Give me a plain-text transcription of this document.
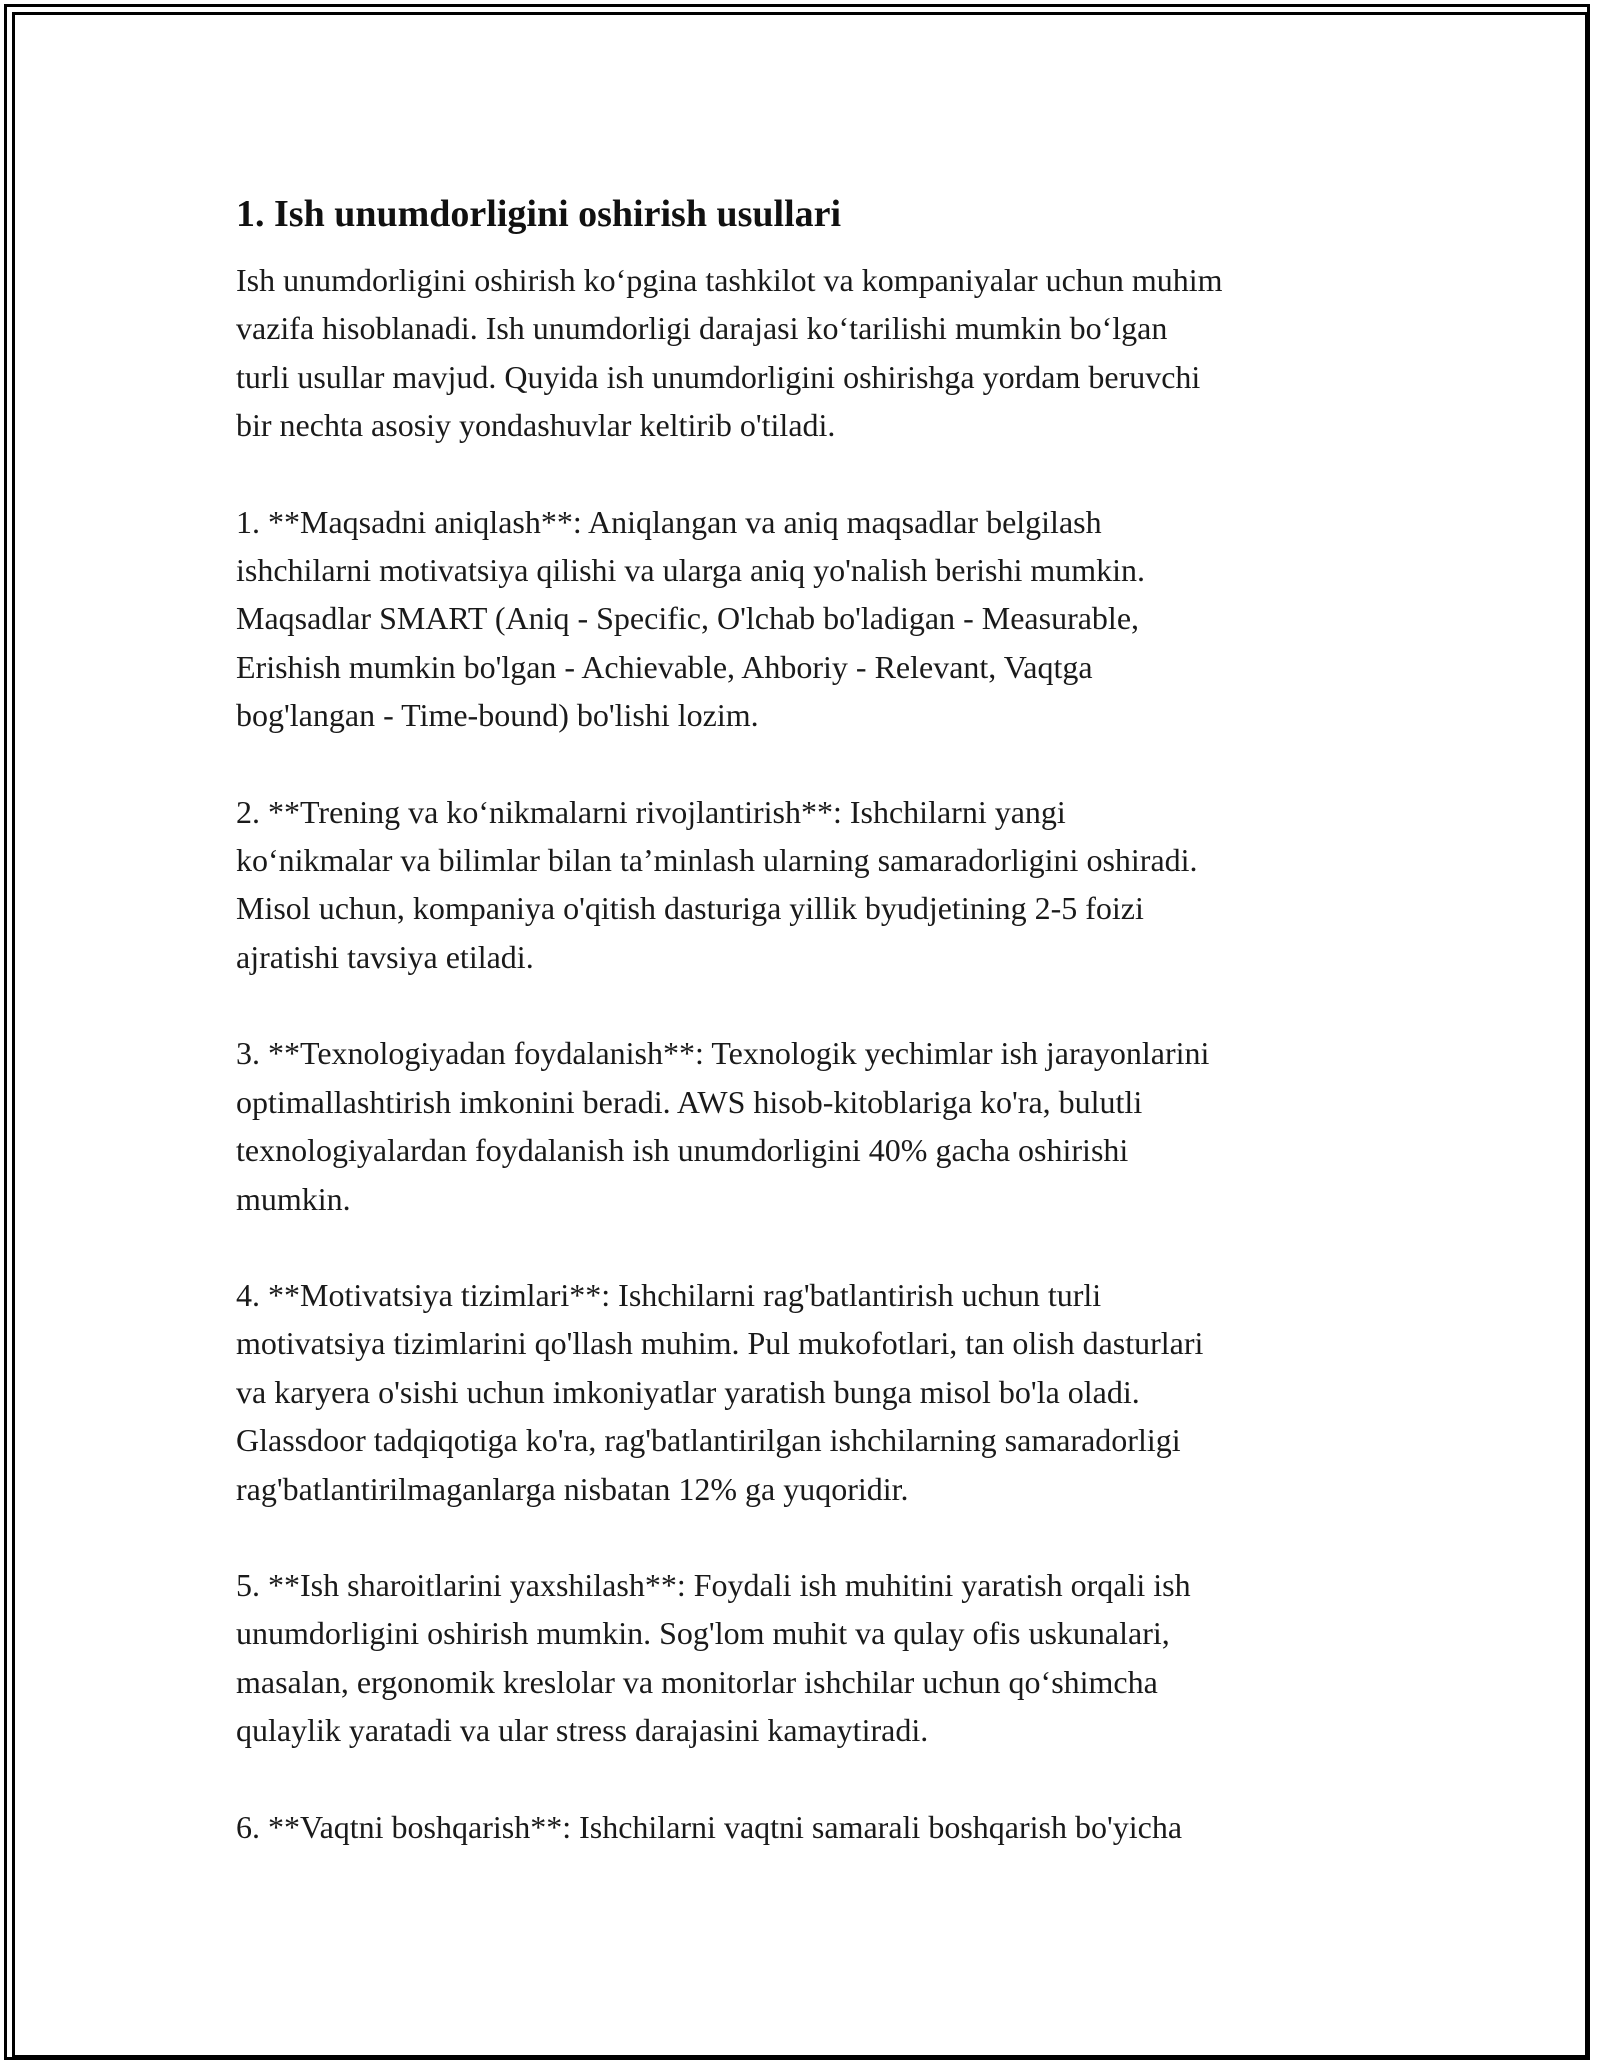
1. Ish unumdorligini oshirish usullari

Ish unumdorligini oshirish ko‘pgina tashkilot va kompaniyalar uchun muhim
vazifa hisoblanadi. Ish unumdorligi darajasi ko‘tarilishi mumkin bo‘lgan
turli usullar mavjud. Quyida ish unumdorligini oshirishga yordam beruvchi
bir nechta asosiy yondashuvlar keltirib o'tiladi.

1. **Maqsadni aniqlash**: Aniqlangan va aniq maqsadlar belgilash
ishchilarni motivatsiya qilishi va ularga aniq yo'nalish berishi mumkin.
Maqsadlar SMART (Aniq - Specific, O'lchab bo'ladigan - Measurable,
Erishish mumkin bo'lgan - Achievable, Ahboriy - Relevant, Vaqtga
bog'langan - Time-bound) bo'lishi lozim.

2. **Trening va ko‘nikmalarni rivojlantirish**: Ishchilarni yangi
ko‘nikmalar va bilimlar bilan ta’minlash ularning samaradorligini oshiradi.
Misol uchun, kompaniya o'qitish dasturiga yillik byudjetining 2-5 foizi
ajratishi tavsiya etiladi.

3. **Texnologiyadan foydalanish**: Texnologik yechimlar ish jarayonlarini
optimallashtirish imkonini beradi. AWS hisob-kitoblariga ko'ra, bulutli
texnologiyalardan foydalanish ish unumdorligini 40% gacha oshirishi
mumkin.

4. **Motivatsiya tizimlari**: Ishchilarni rag'batlantirish uchun turli
motivatsiya tizimlarini qo'llash muhim. Pul mukofotlari, tan olish dasturlari
va karyera o'sishi uchun imkoniyatlar yaratish bunga misol bo'la oladi.
Glassdoor tadqiqotiga ko'ra, rag'batlantirilgan ishchilarning samaradorligi
rag'batlantirilmaganlarga nisbatan 12% ga yuqoridir.

5. **Ish sharoitlarini yaxshilash**: Foydali ish muhitini yaratish orqali ish
unumdorligini oshirish mumkin. Sog'lom muhit va qulay ofis uskunalari,
masalan, ergonomik kreslolar va monitorlar ishchilar uchun qo‘shimcha
qulaylik yaratadi va ular stress darajasini kamaytiradi.

6. **Vaqtni boshqarish**: Ishchilarni vaqtni samarali boshqarish bo'yicha
